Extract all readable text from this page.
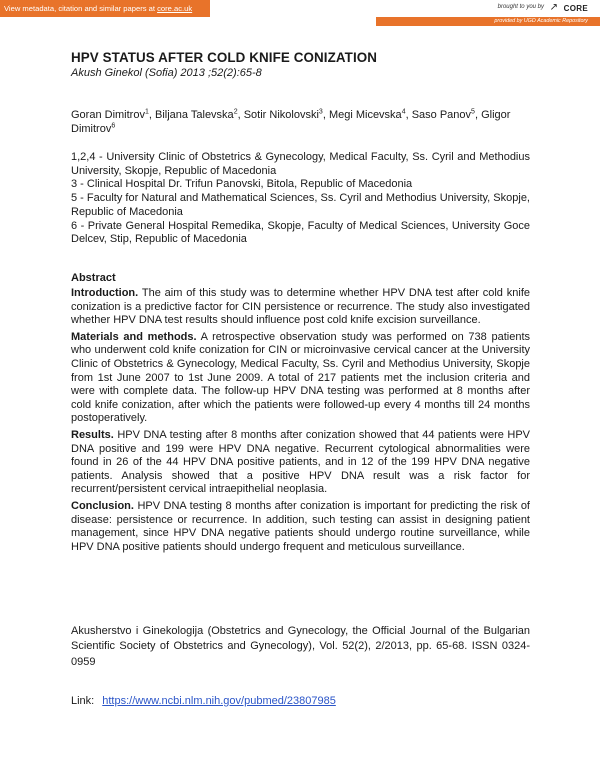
View metadata, citation and similar papers at core.ac.uk	brought to you by ↗ CORE
provided by UGD Academic Repository
HPV STATUS AFTER COLD KNIFE CONIZATION
Akush Ginekol (Sofia) 2013 ;52(2):65-8
Goran Dimitrov$^1$, Biljana Talevska$^2$, Sotir Nikolovski$^3$, Megi Micevska$^4$, Saso Panov$^5$, Gligor Dimitrov$^6$
1,2,4 - University Clinic of Obstetrics & Gynecology, Medical Faculty, Ss. Cyril and Methodius University, Skopje, Republic of Macedonia
3 - Clinical Hospital Dr. Trifun Panovski, Bitola, Republic of Macedonia
5 - Faculty for Natural and Mathematical Sciences, Ss. Cyril and Methodius University, Skopje, Republic of Macedonia
6 - Private General Hospital Remedika, Skopje, Faculty of Medical Sciences, University Goce Delcev, Stip, Republic of Macedonia
Abstract

Introduction. The aim of this study was to determine whether HPV DNA test after cold knife conization is a predictive factor for CIN persistence or recurrence. The study also investigated whether HPV DNA test results should influence post cold knife excision surveillance.

Materials and methods. A retrospective observation study was performed on 738 patients who underwent cold knife conization for CIN or microinvasive cervical cancer at the University Clinic of Obstetrics & Gynecology, Medical Faculty, Ss. Cyril and Methodius University, Skopje from 1st June 2007 to 1st June 2009. A total of 217 patients met the inclusion criteria and were with complete data. The follow-up HPV DNA testing was performed at 8 months after cold knife conization, after which the patients were followed-up every 4 months till 24 months postoperatively.

Results. HPV DNA testing after 8 months after conization showed that 44 patients were HPV DNA positive and 199 were HPV DNA negative. Recurrent cytological abnormalities were found in 26 of the 44 HPV DNA positive patients, and in 12 of the 199 HPV DNA negative patients. Analysis showed that a positive HPV DNA result was a risk factor for recurrent/persistent cervical intraepithelial neoplasia.

Conclusion. HPV DNA testing 8 months after conization is important for predicting the risk of disease: persistence or recurrence. In addition, such testing can assist in designing patient management, since HPV DNA negative patients should undergo routine surveillance, while HPV DNA positive patients should undergo frequent and meticulous surveillance.

Akusherstvo i Ginekologija (Obstetrics and Gynecology, the Official Journal of the Bulgarian Scientific Society of Obstetrics and Gynecology), Vol. 52(2), 2/2013, pp. 65-68. ISSN 0324-0959
Link: https://www.ncbi.nlm.nih.gov/pubmed/23807985
